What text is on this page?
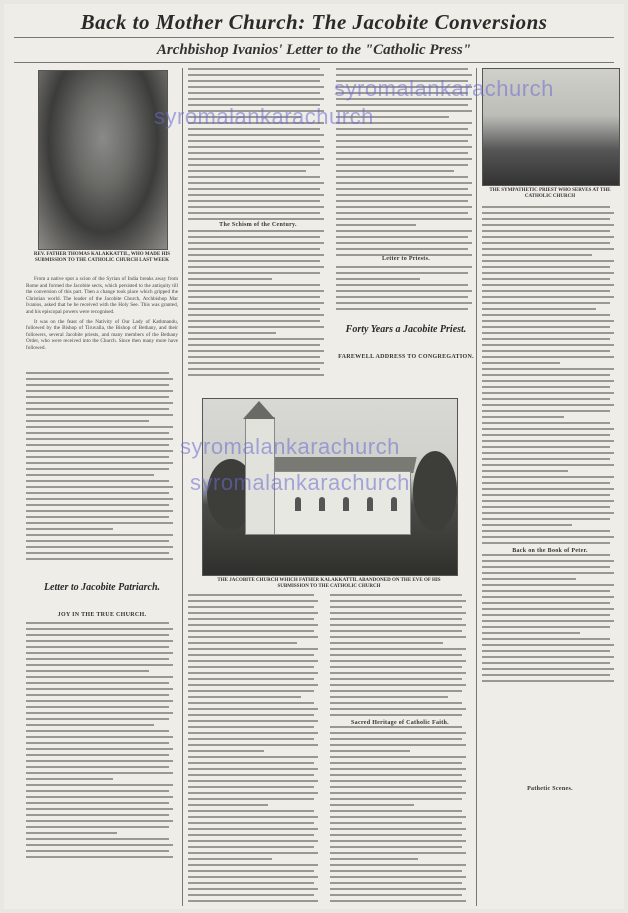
Back to Mother Church: The Jacobite Conversions
Archbishop Ivanios' Letter to the "Catholic Press"
REV. FATHER THOMAS KALAKKATTIL, WHO MADE HIS SUBMISSION TO THE CATHOLIC CHURCH LAST WEEK

From a native spot a scion of the Syrian of India breaks away from Rome and formed the Jacobite sects, which persisted to the antiquity till the conversion of this part. Then a change took place which gripped the Christian world. The leader of the Jacobite Church, Archbishop Mar Ivanios, asked that he be received with the Holy See. This was granted, and his episcopal powers were recognised.

It was on the feast of the Nativity of Our Lady of Kathmandu, followed by the Bishop of Tiruvalla, the Bishop of Bethany, and their followers, several Jacobite priests, and many members of the Bethany Order, who were received into the Church. Since then many more have followed.

Letter to Jacobite Patriarch.
JOY IN THE TRUE CHURCH.
The Schism of the Century.
Letter to Priests.
Forty Years a Jacobite Priest.
FAREWELL ADDRESS TO CONGREGATION.
THE JACOBITE CHURCH WHICH FATHER KALAKKATTIL ABANDONED ON THE EVE OF HIS SUBMISSION TO THE CATHOLIC CHURCH
Sacred Heritage of Catholic Faith.
THE SYMPATHETIC PRIEST WHO SERVES AT THE CATHOLIC CHURCH
Back on the Book of Peter.
Pathetic Scenes.
syromalankarachurch
syromalankarachurch
syromalankarachurch
syromalankarachurch
